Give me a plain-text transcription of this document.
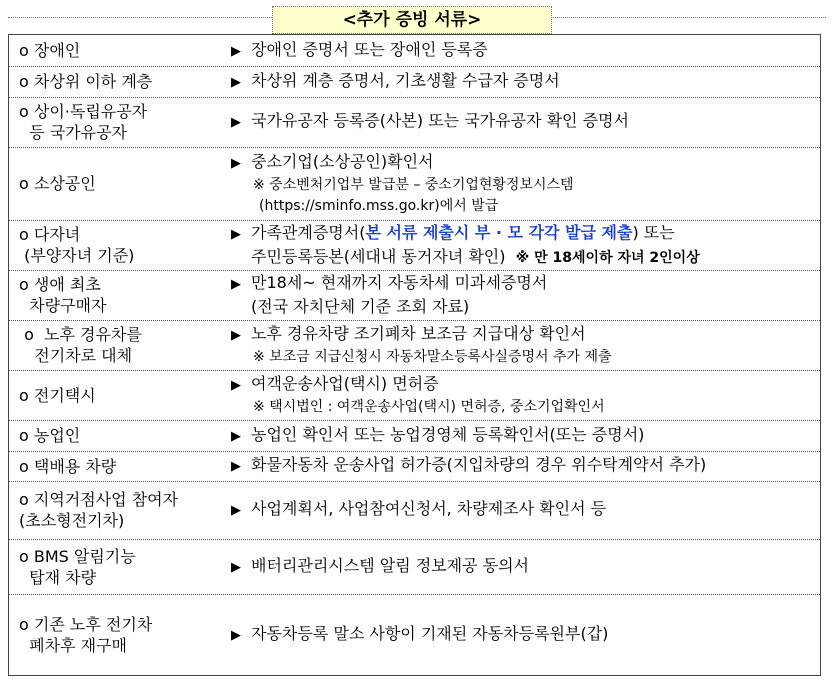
<추가 증빙 서류>
o 장애인	▶ 장애인 증명서 또는 장애인 등록증
o 차상위 이하 계층	▶ 차상위 계층 증명서, 기초생활 수급자 증명서
o 상이·독립유공자
등 국가유공자
▶ 국가유공자 등록증(사본) 또는 국가유공자 확인 증명서
o 소상공인
▶ 중소기업(소상공인)확인서
※ 중소벤처기업부 발급분 – 중소기업현황정보시스템
(https://sminfo.mss.go.kr)에서 발급
o 다자녀
(부양자녀 기준)
▶ 가족관계증명서(본 서류 제출시 부 · 모 각각 발급 제출) 또는
주민등록등본(세대내 동거자녀 확인) ※ 만 18세이하 자녀 2인이상
o 생애 최초
차량구매자
▶ 만18세~ 현재까지 자동차세 미과세증명서
(전국 자치단체 기준 조회 자료)
o  노후 경유차를
전기차로 대체
▶ 노후 경유차량 조기폐차 보조금 지급대상 확인서
※ 보조금 지급신청시 자동차말소등록사실증명서 추가 제출
o 전기택시
▶ 여객운송사업(택시) 면허증
※ 택시법인 : 여객운송사업(택시) 면허증, 중소기업확인서
o 농업인	▶ 농업인 확인서 또는 농업경영체 등록확인서(또는 증명서)
o 택배용 차량	▶ 화물자동차 운송사업 허가증(지입차량의 경우 위수탁계약서 추가)
o 지역거점사업 참여자
(초소형전기차)
▶ 사업계획서, 사업참여신청서, 차량제조사 확인서 등
o BMS 알림기능
탑재 차량
▶ 배터리관리시스템 알림 정보제공 동의서
o 기존 노후 전기차
폐차후 재구매
▶ 자동차등록 말소 사항이 기재된 자동차등록원부(갑)
